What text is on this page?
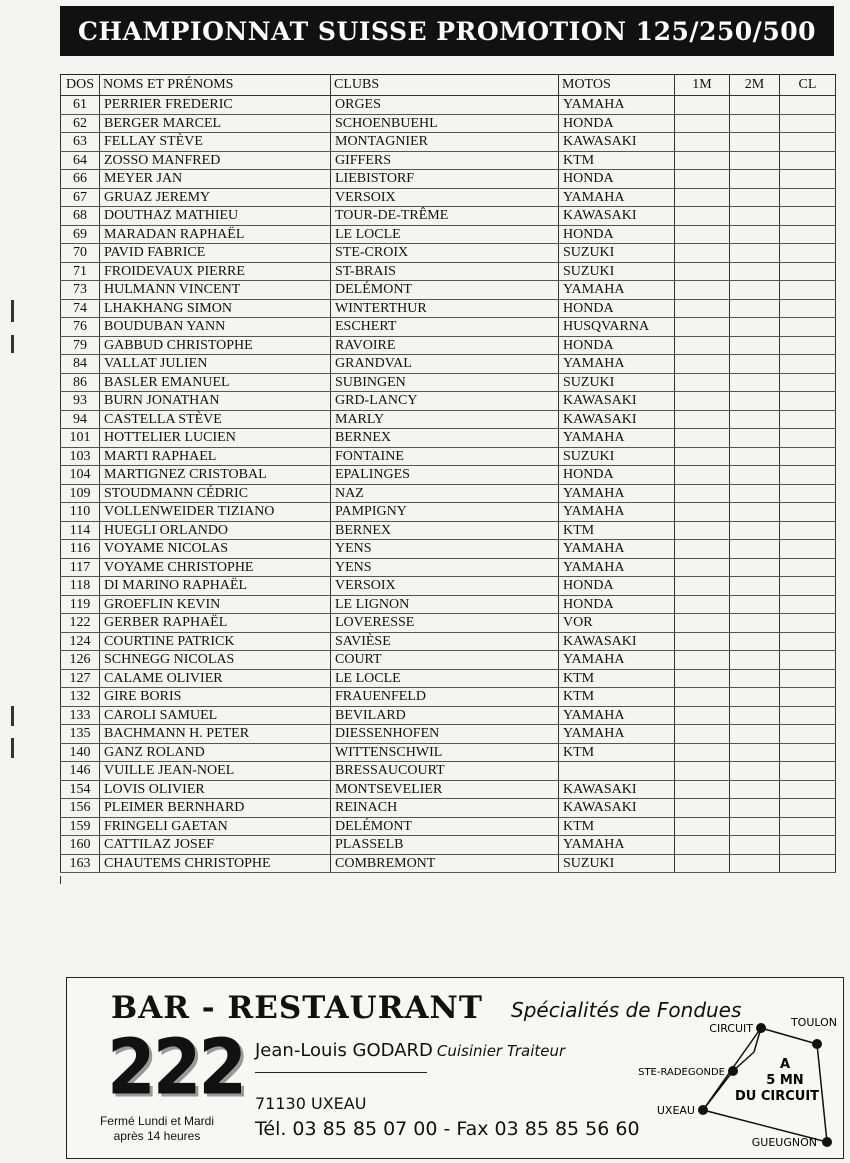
CHAMPIONNAT SUISSE PROMOTION 125/250/500
DOS	NOMS ET PRÉNOMS	CLUBS	MOTOS	1M	2M	CL
61	PERRIER FREDERIC	ORGES	YAMAHA			
62	BERGER MARCEL	SCHOENBUEHL	HONDA			
63	FELLAY STÈVE	MONTAGNIER	KAWASAKI			
64	ZOSSO MANFRED	GIFFERS	KTM			
66	MEYER JAN	LIEBISTORF	HONDA			
67	GRUAZ JEREMY	VERSOIX	YAMAHA			
68	DOUTHAZ MATHIEU	TOUR-DE-TRÊME	KAWASAKI			
69	MARADAN RAPHAËL	LE LOCLE	HONDA			
70	PAVID FABRICE	STE-CROIX	SUZUKI			
71	FROIDEVAUX PIERRE	ST-BRAIS	SUZUKI			
73	HULMANN VINCENT	DELÉMONT	YAMAHA			
74	LHAKHANG SIMON	WINTERTHUR	HONDA			
76	BOUDUBAN YANN	ESCHERT	HUSQVARNA			
79	GABBUD CHRISTOPHE	RAVOIRE	HONDA			
84	VALLAT JULIEN	GRANDVAL	YAMAHA			
86	BASLER EMANUEL	SUBINGEN	SUZUKI			
93	BURN JONATHAN	GRD-LANCY	KAWASAKI			
94	CASTELLA STÈVE	MARLY	KAWASAKI			
101	HOTTELIER LUCIEN	BERNEX	YAMAHA			
103	MARTI RAPHAEL	FONTAINE	SUZUKI			
104	MARTIGNEZ CRISTOBAL	EPALINGES	HONDA			
109	STOUDMANN CÉDRIC	NAZ	YAMAHA			
110	VOLLENWEIDER TIZIANO	PAMPIGNY	YAMAHA			
114	HUEGLI ORLANDO	BERNEX	KTM			
116	VOYAME NICOLAS	YENS	YAMAHA			
117	VOYAME CHRISTOPHE	YENS	YAMAHA			
118	DI MARINO RAPHAËL	VERSOIX	HONDA			
119	GROEFLIN KEVIN	LE LIGNON	HONDA			
122	GERBER RAPHAËL	LOVERESSE	VOR			
124	COURTINE PATRICK	SAVIÈSE	KAWASAKI			
126	SCHNEGG NICOLAS	COURT	YAMAHA			
127	CALAME OLIVIER	LE LOCLE	KTM			
132	GIRE BORIS	FRAUENFELD	KTM			
133	CAROLI SAMUEL	BEVILARD	YAMAHA			
135	BACHMANN H. PETER	DIESSENHOFEN	YAMAHA			
140	GANZ ROLAND	WITTENSCHWIL	KTM			
146	VUILLE JEAN-NOEL	BRESSAUCOURT				
154	LOVIS OLIVIER	MONTSEVELIER	KAWASAKI			
156	PLEIMER BERNHARD	REINACH	KAWASAKI			
159	FRINGELI GAETAN	DELÉMONT	KTM			
160	CATTILAZ JOSEF	PLASSELB	YAMAHA			
163	CHAUTEMS CHRISTOPHE	COMBREMONT	SUZUKI			
BAR - RESTAURANT Spécialités de Fondues
222
Fermé Lundi et Mardi
après 14 heures
Jean-Louis GODARD Cuisinier Traiteur
71130 UXEAU
Tél. 03 85 85 07 00 - Fax 03 85 85 56 60
CIRCUIT	TOULON
STE-RADEGONDE
UXEAU
GUEUGNON
A
5 MN
DU CIRCUIT
